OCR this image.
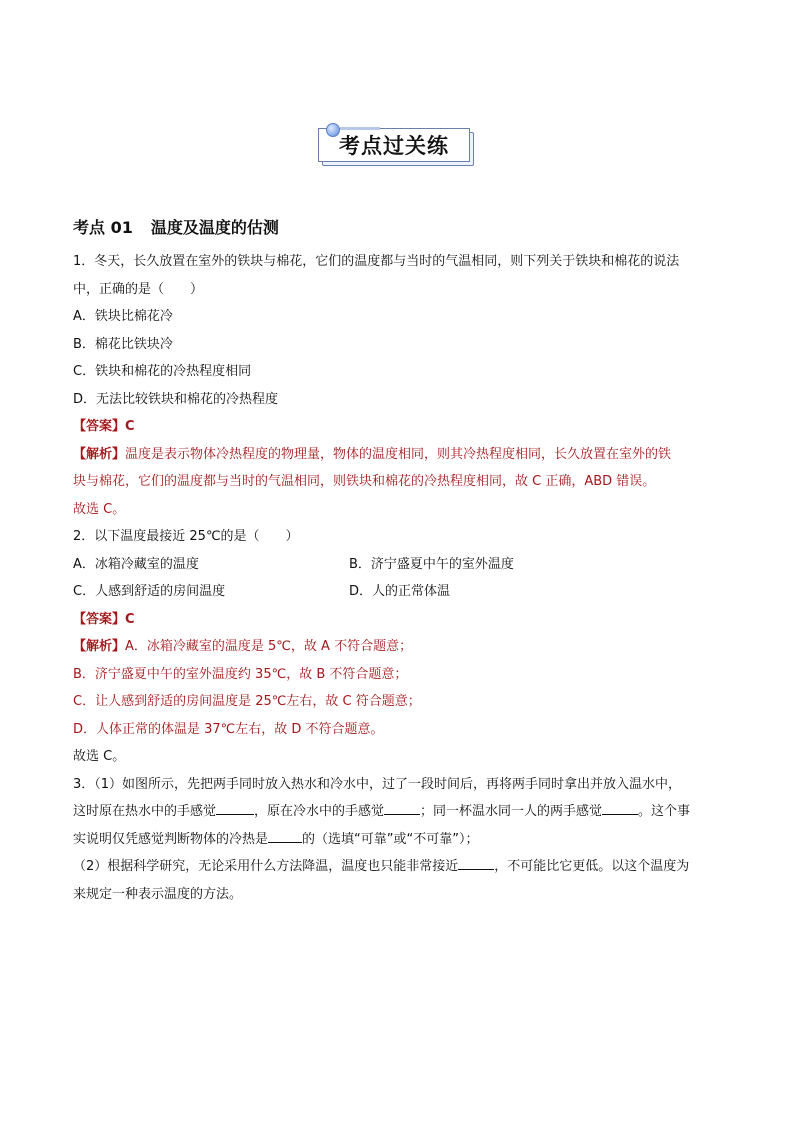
考点过关练
考点 01 温度及温度的估测
1．冬天，长久放置在室外的铁块与棉花，它们的温度都与当时的气温相同，则下列关于铁块和棉花的说法
中，正确的是（　　）
A．铁块比棉花冷
B．棉花比铁块冷
C．铁块和棉花的冷热程度相同
D．无法比较铁块和棉花的冷热程度
【答案】C
【解析】温度是表示物体冷热程度的物理量，物体的温度相同，则其冷热程度相同，长久放置在室外的铁
块与棉花，它们的温度都与当时的气温相同，则铁块和棉花的冷热程度相同，故 C 正确，ABD 错误。
故选 C。
2．以下温度最接近 25℃的是（　　）
A．冰箱冷藏室的温度	B．济宁盛夏中午的室外温度
C．人感到舒适的房间温度	D．人的正常体温
【答案】C
【解析】A．冰箱冷藏室的温度是 5℃，故 A 不符合题意；
B．济宁盛夏中午的室外温度约 35℃，故 B 不符合题意；
C．让人感到舒适的房间温度是 25℃左右，故 C 符合题意；
D．人体正常的体温是 37℃左右，故 D 不符合题意。
故选 C。
3．（1）如图所示，先把两手同时放入热水和冷水中，过了一段时间后，再将两手同时拿出并放入温水中，
这时原在热水中的手感觉	，原在冷水中的手感觉	；同一杯温水同一人的两手感觉	。这个事
实说明仅凭感觉判断物体的冷热是	的（选填“可靠”或“不可靠”）；
（2）根据科学研究，无论采用什么方法降温，温度也只能非常接近	，不可能比它更低。以这个温度为
来规定一种表示温度的方法。
